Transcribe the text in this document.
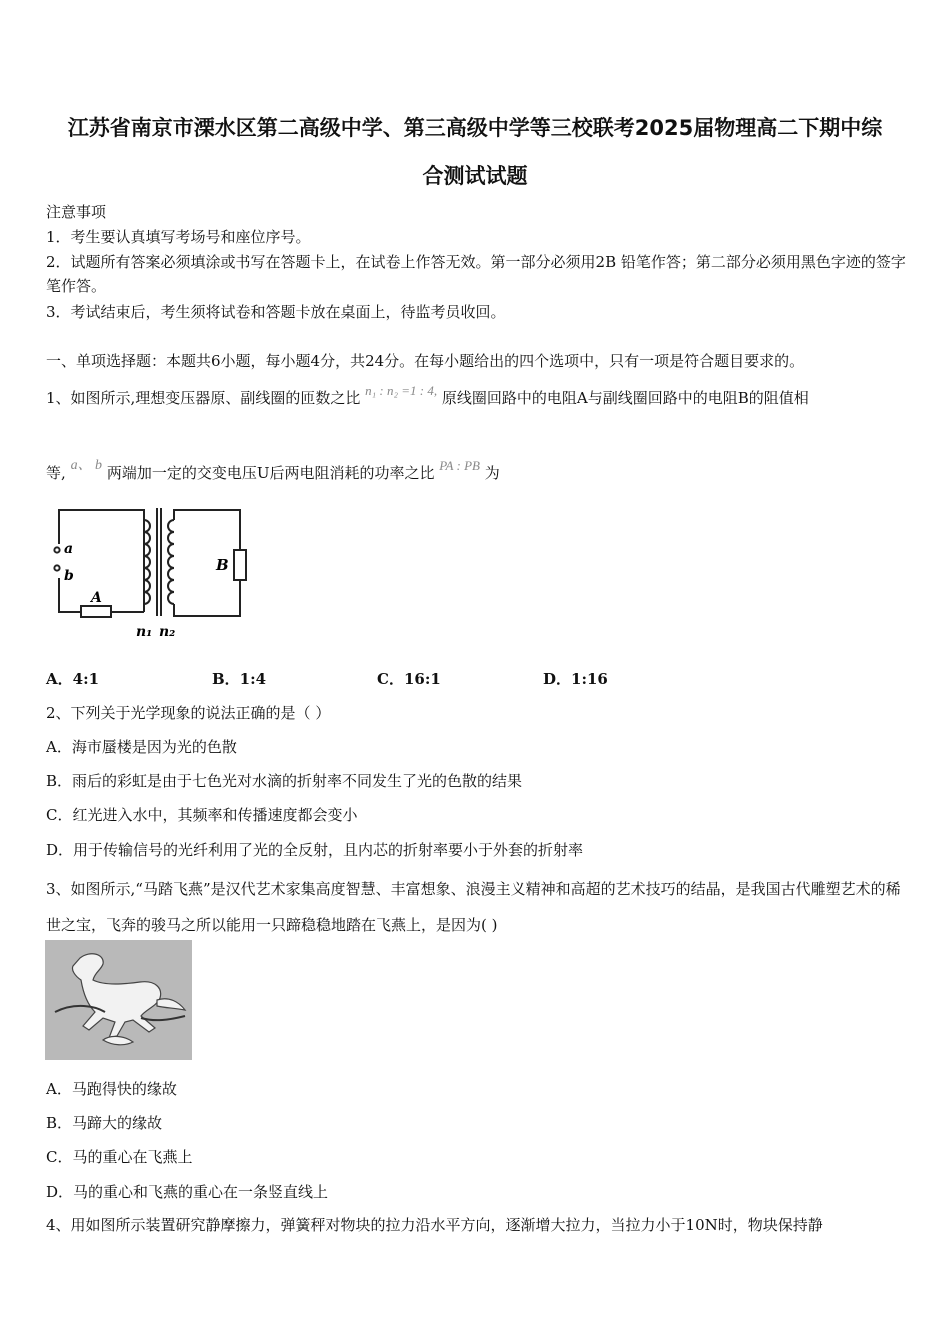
江苏省南京市溧水区第二高级中学、第三高级中学等三校联考2025届物理高二下期中综
合测试试题
注意事项
1．考生要认真填写考场号和座位序号。
2．试题所有答案必须填涂或书写在答题卡上，在试卷上作答无效。第一部分必须用2B 铅笔作答；第二部分必须用黑色字迹的签字笔作答。
3．考试结束后，考生须将试卷和答题卡放在桌面上，待监考员收回。
一、单项选择题：本题共6小题，每小题4分，共24分。在每小题给出的四个选项中，只有一项是符合题目要求的。
1、如图所示,理想变压器原、副线圈的匝数之比 n₁ : n₂ =1 : 4, 原线圈回路中的电阻A与副线圈回路中的电阻B的阻值相
等, a、 b 两端加一定的交变电压U后两电阻消耗的功率之比 PA : PB 为
a
b
A
B
n₁ n₂
A．4:1	B．1:4	C．16:1	D．1:16
2、下列关于光学现象的说法正确的是（ ）
A．海市蜃楼是因为光的色散
B．雨后的彩虹是由于七色光对水滴的折射率不同发生了光的色散的结果
C．红光进入水中，其频率和传播速度都会变小
D．用于传输信号的光纤利用了光的全反射，且内芯的折射率要小于外套的折射率
3、如图所示,“马踏飞燕”是汉代艺术家集高度智慧、丰富想象、浪漫主义精神和高超的艺术技巧的结晶，是我国古代雕塑艺术的稀世之宝，飞奔的骏马之所以能用一只蹄稳稳地踏在飞燕上，是因为( )
A．马跑得快的缘故
B．马蹄大的缘故
C．马的重心在飞燕上
D．马的重心和飞燕的重心在一条竖直线上
4、用如图所示装置研究静摩擦力，弹簧秤对物块的拉力沿水平方向，逐渐增大拉力，当拉力小于10N时，物块保持静
